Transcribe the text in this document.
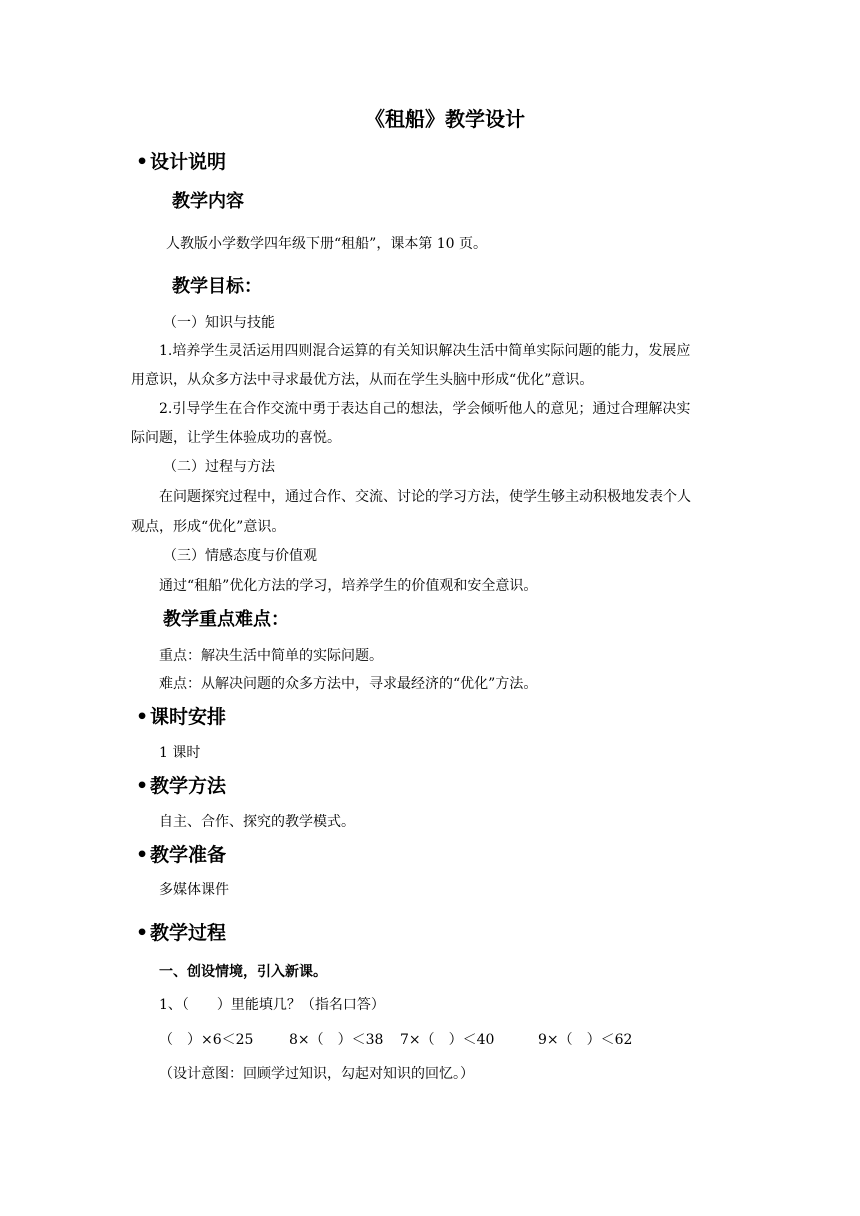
《租船》教学设计
•设计说明
教学内容
人教版小学数学四年级下册“租船”，课本第 10 页。
教学目标：
（一）知识与技能
1.培养学生灵活运用四则混合运算的有关知识解决生活中简单实际问题的能力，发展应
用意识，从众多方法中寻求最优方法，从而在学生头脑中形成“优化”意识。
2.引导学生在合作交流中勇于表达自己的想法，学会倾听他人的意见；通过合理解决实
际问题，让学生体验成功的喜悦。
（二）过程与方法
在问题探究过程中，通过合作、交流、讨论的学习方法，使学生够主动积极地发表个人
观点，形成“优化”意识。
（三）情感态度与价值观
通过“租船”优化方法的学习，培养学生的价值观和安全意识。
教学重点难点：
重点：解决生活中简单的实际问题。
难点：从解决问题的众多方法中，寻求最经济的“优化”方法。
•课时安排
1 课时
•教学方法
自主、合作、探究的教学模式。
•教学准备
多媒体课件
•教学过程
一、创设情境，引入新课。
1、（　　）里能填几？（指名口答）
（　）×6＜25	8×（　）＜38 7×（　）＜40	9×（　）＜62
（设计意图：回顾学过知识，勾起对知识的回忆。）
